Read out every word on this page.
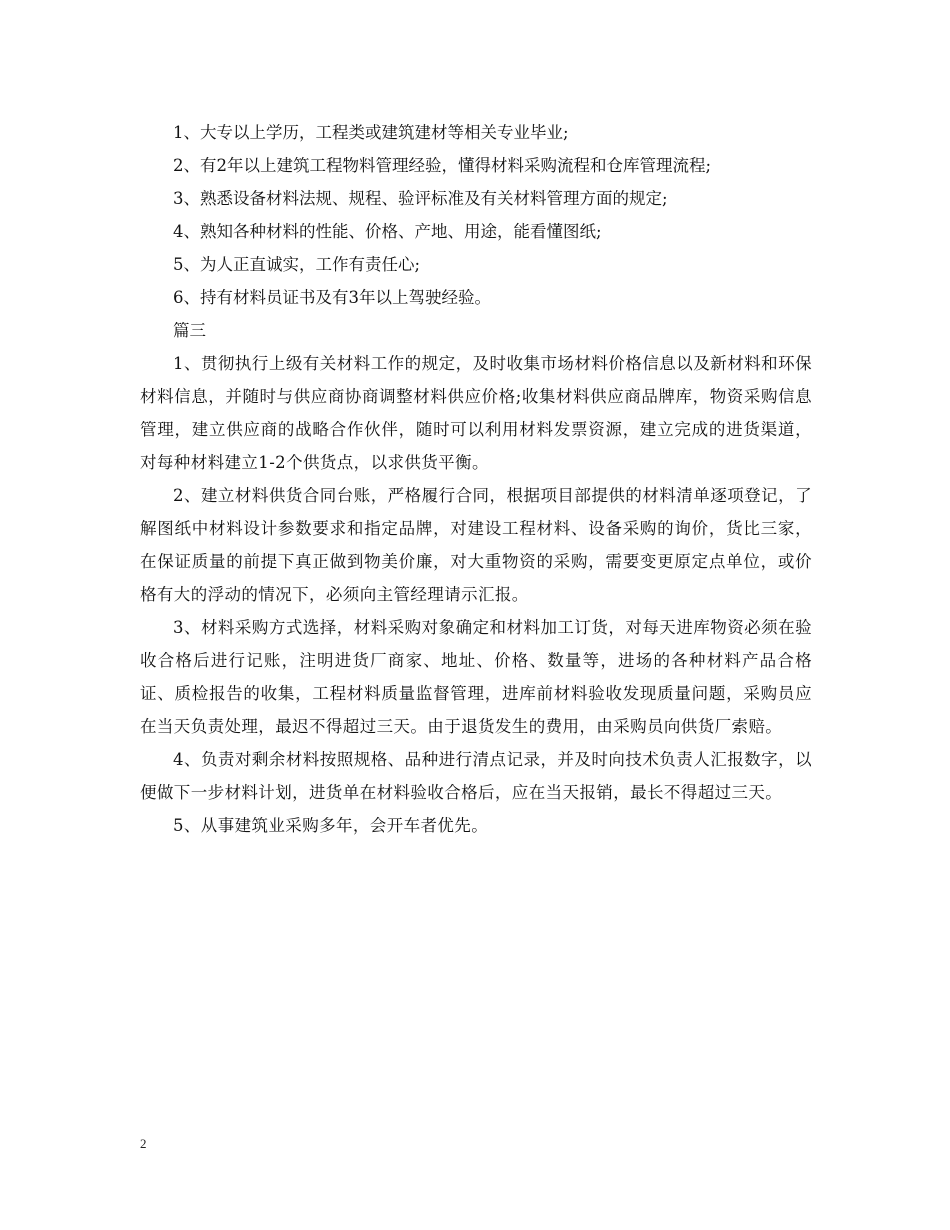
1、大专以上学历，工程类或建筑建材等相关专业毕业;

2、有2年以上建筑工程物料管理经验，懂得材料采购流程和仓库管理流程;

3、熟悉设备材料法规、规程、验评标准及有关材料管理方面的规定;

4、熟知各种材料的性能、价格、产地、用途，能看懂图纸;

5、为人正直诚实，工作有责任心;

6、持有材料员证书及有3年以上驾驶经验。

篇三

1、贯彻执行上级有关材料工作的规定，及时收集市场材料价格信息以及新材料和环保材料信息，并随时与供应商协商调整材料供应价格;收集材料供应商品牌库，物资采购信息管理，建立供应商的战略合作伙伴，随时可以利用材料发票资源，建立完成的进货渠道，对每种材料建立1-2个供货点，以求供货平衡。

2、建立材料供货合同台账，严格履行合同，根据项目部提供的材料清单逐项登记，了解图纸中材料设计参数要求和指定品牌，对建设工程材料、设备采购的询价，货比三家，在保证质量的前提下真正做到物美价廉，对大重物资的采购，需要变更原定点单位，或价格有大的浮动的情况下，必须向主管经理请示汇报。

3、材料采购方式选择，材料采购对象确定和材料加工订货，对每天进库物资必须在验收合格后进行记账，注明进货厂商家、地址、价格、数量等，进场的各种材料产品合格证、质检报告的收集，工程材料质量监督管理，进库前材料验收发现质量问题，采购员应在当天负责处理，最迟不得超过三天。由于退货发生的费用，由采购员向供货厂索赔。

4、负责对剩余材料按照规格、品种进行清点记录，并及时向技术负责人汇报数字，以便做下一步材料计划，进货单在材料验收合格后，应在当天报销，最长不得超过三天。

5、从事建筑业采购多年，会开车者优先。

2
